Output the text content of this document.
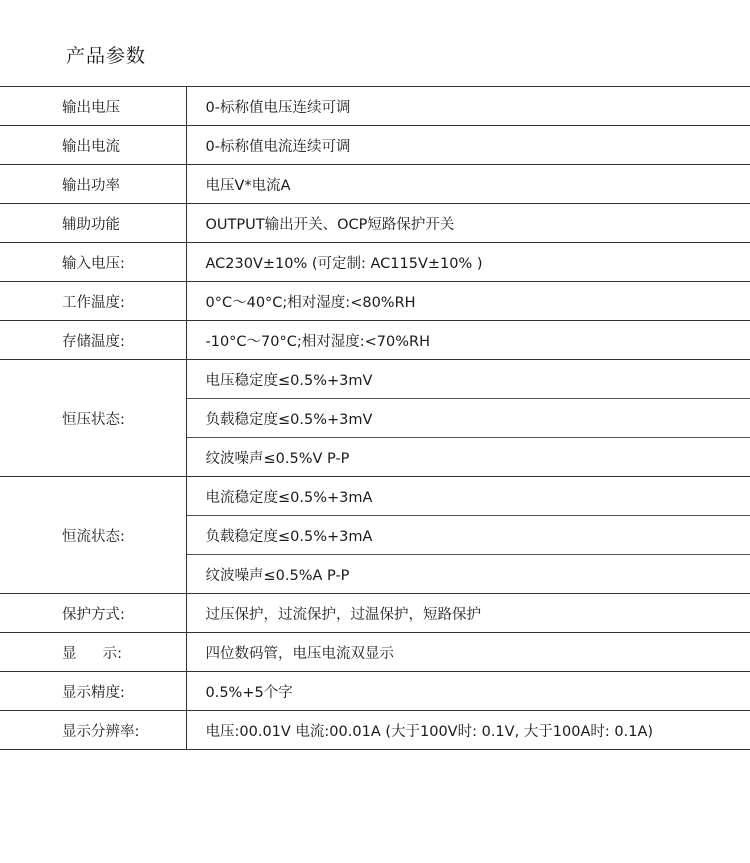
产品参数
输出电压	0-标称值电压连续可调
输出电流	0-标称值电流连续可调
输出功率	电压V*电流A
辅助功能	OUTPUT输出开关、OCP短路保护开关
输入电压:	AC230V±10% (可定制: AC115V±10% )
工作温度:	0°C～40°C;相对湿度:<80%RH
存储温度:	-10°C～70°C;相对湿度:<70%RH
恒压状态:	电压稳定度≤0.5%+3mV
	负载稳定度≤0.5%+3mV
	纹波噪声≤0.5%V P-P
恒流状态:	电流稳定度≤0.5%+3mA
	负载稳定度≤0.5%+3mA
	纹波噪声≤0.5%A P-P
保护方式:	过压保护，过流保护，过温保护，短路保护
显 示:	四位数码管，电压电流双显示
显示精度:	0.5%+5个字
显示分辨率:	电压:00.01V 电流:00.01A (大于100V时: 0.1V, 大于100A时: 0.1A)
